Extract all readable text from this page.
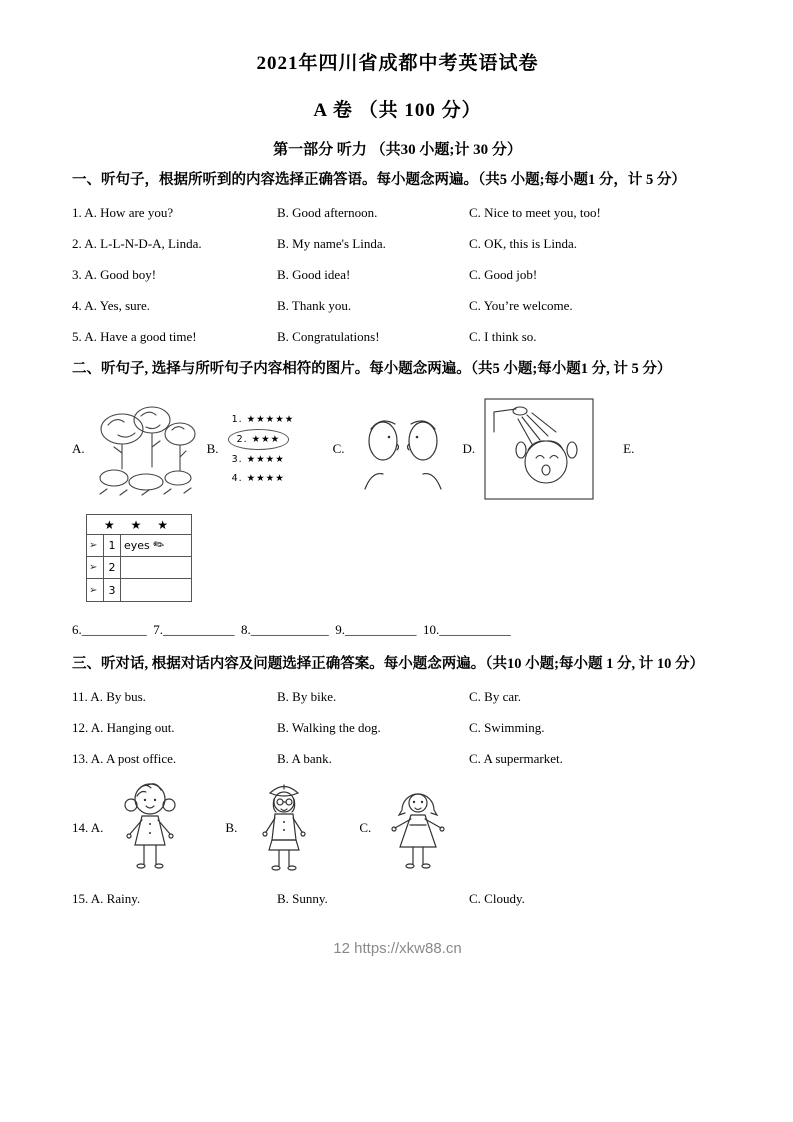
2021年四川省成都中考英语试卷
A 卷 （共 100 分）
第一部分 听力 （共30 小题;计 30 分）

一、听句子，根据所听到的内容选择正确答语。每小题念两遍。（共5 小题;每小题1 分，计 5 分）

1. A. How are you?	B. Good afternoon.	C. Nice to meet you, too!
2. A. L-L-N-D-A, Linda.	B. My name's Linda.	C. OK, this is Linda.
3. A. Good boy!	B. Good idea!	C. Good job!
4. A. Yes, sure.	B. Thank you.	C. You’re welcome.
5. A. Have a good time!	B. Congratulations!	C. I think so.

二、听句子, 选择与所听句子内容相符的图片。每小题念两遍。（共5 小题;每小题1 分, 计 5 分）

A.	B.
1. ★★★★★
2. ★★★
3. ★★★★
4. ★★★★
C.	D.	E.
★ ★ ★
➢	1 eyes ✎
➢	2
➢	3
6.__________  7.___________  8.____________  9.___________  10.___________

三、听对话, 根据对话内容及问题选择正确答案。每小题念两遍。（共10 小题;每小题 1 分, 计 10 分）

11. A. By bus.	B. By bike.	C. By car.
12. A. Hanging out.	B. Walking the dog.	C. Swimming.
13. A. A post office.	B. A bank.	C. A supermarket.
14. A.	B.	C.
15. A. Rainy.	B. Sunny.	C. Cloudy.
12 https://xkw88.cn
